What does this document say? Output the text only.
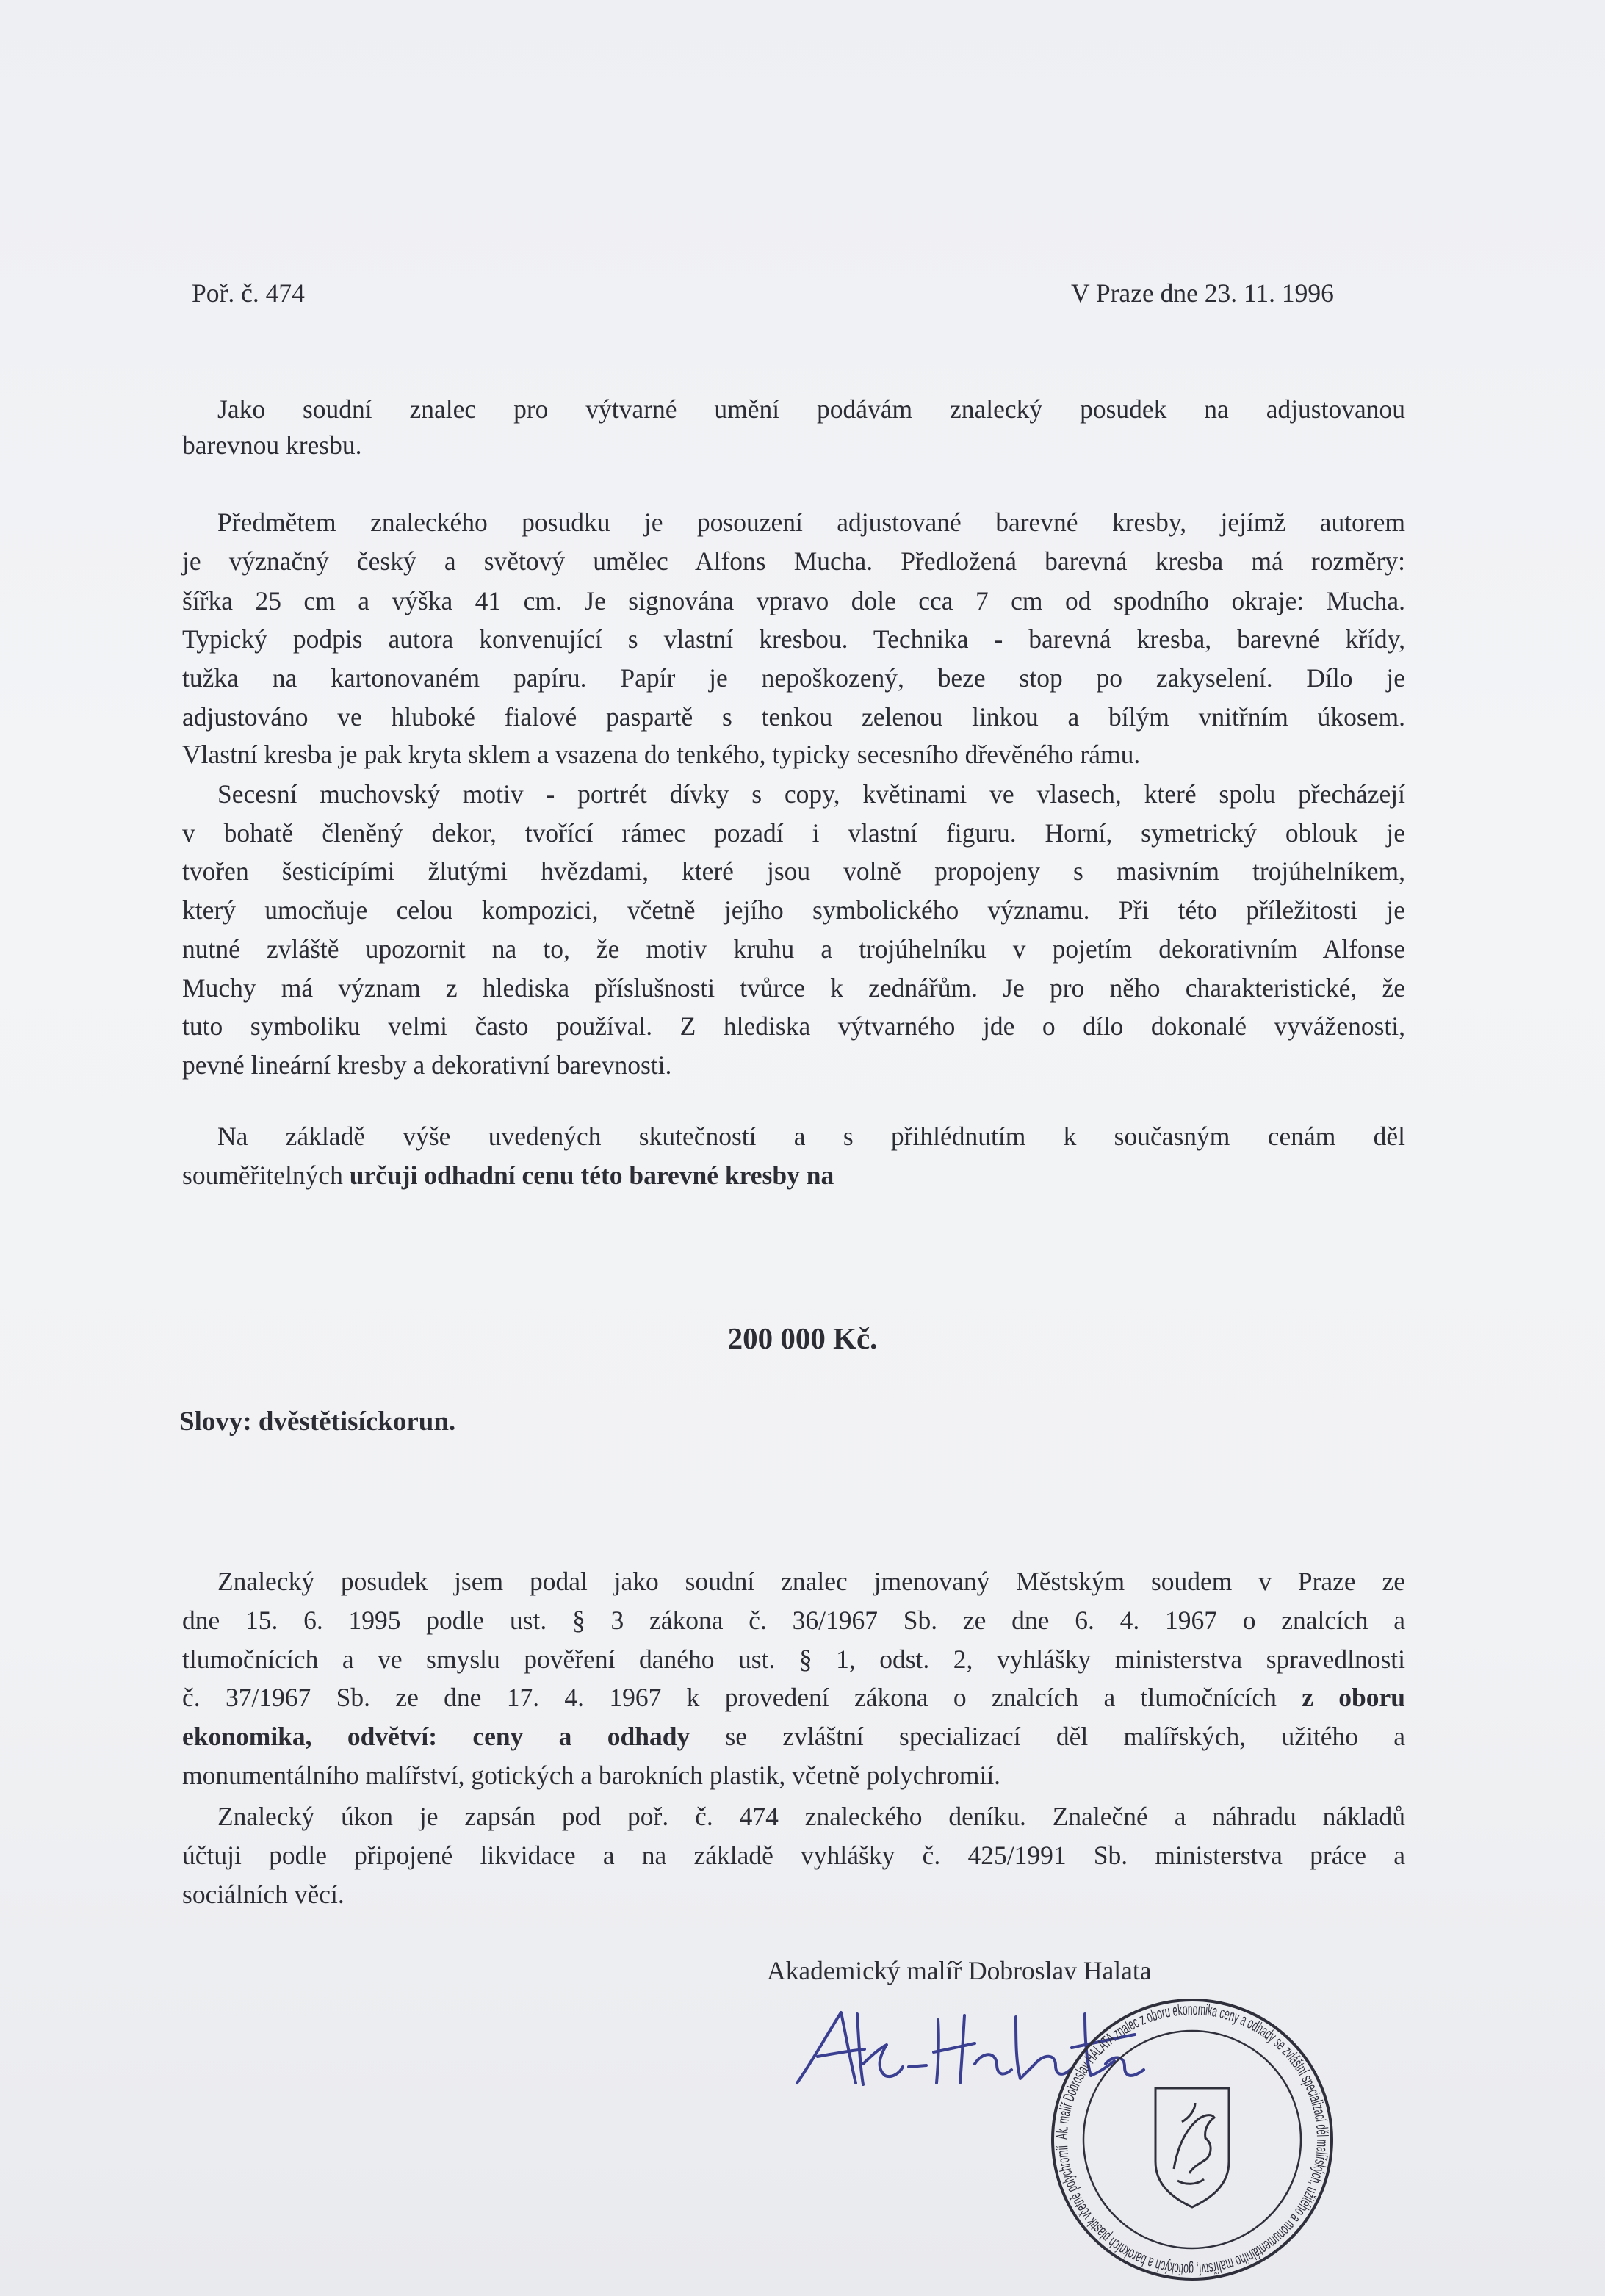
Poř. č. 474	V Praze dne 23. 11. 1996
Jako soudní znalec pro výtvarné umění podávám znalecký posudek na adjustovanou
barevnou kresbu.
Předmětem znaleckého posudku je posouzení adjustované barevné kresby, jejímž autorem
je význačný český a světový umělec Alfons Mucha. Předložená barevná kresba má rozměry:
šířka 25 cm a výška 41 cm. Je signována vpravo dole cca 7 cm od spodního okraje: Mucha.
Typický podpis autora konvenující s vlastní kresbou. Technika - barevná kresba, barevné křídy,
tužka na kartonovaném papíru. Papír je nepoškozený, beze stop po zakyselení. Dílo je
adjustováno ve hluboké fialové paspartě s tenkou zelenou linkou a bílým vnitřním úkosem.
Vlastní kresba je pak kryta sklem a vsazena do tenkého, typicky secesního dřevěného rámu.
Secesní muchovský motiv - portrét dívky s copy, květinami ve vlasech, které spolu přecházejí
v bohatě členěný dekor, tvořící rámec pozadí i vlastní figuru. Horní, symetrický oblouk je
tvořen šesticípími žlutými hvězdami, které jsou volně propojeny s masivním trojúhelníkem,
který umocňuje celou kompozici, včetně jejího symbolického významu. Při této příležitosti je
nutné zvláště upozornit na to, že motiv kruhu a trojúhelníku v pojetím dekorativním Alfonse
Muchy má význam z hlediska příslušnosti tvůrce k zednářům. Je pro něho charakteristické, že
tuto symboliku velmi často používal. Z hlediska výtvarného jde o dílo dokonalé vyváženosti,
pevné lineární kresby a dekorativní barevnosti.
Na základě výše uvedených skutečností a s přihlédnutím k současným cenám děl
souměřitelných určuji odhadní cenu této barevné kresby na
200 000 Kč.
Slovy: dvěstětisíckorun.
Znalecký posudek jsem podal jako soudní znalec jmenovaný Městským soudem v Praze ze
dne 15. 6. 1995 podle ust. § 3 zákona č. 36/1967 Sb. ze dne 6. 4. 1967 o znalcích a
tlumočnících a ve smyslu pověření daného ust. § 1, odst. 2, vyhlášky ministerstva spravedlnosti
č. 37/1967 Sb. ze dne 17. 4. 1967 k provedení zákona o znalcích a tlumočnících z oboru
ekonomika, odvětví: ceny a odhady se zvláštní specializací děl malířských, užitého a
monumentálního malířství, gotických a barokních plastik, včetně polychromií.
Znalecký úkon je zapsán pod poř. č. 474 znaleckého deníku. Znalečné a náhradu nákladů
účtuji podle připojené likvidace a na základě vyhlášky č. 425/1991 Sb. ministerstva práce a
sociálních věcí.
Akademický malíř Dobroslav Halata
Ak. malíř Dobroslav HALATA znalec z oboru ekonomika ceny a odhady se zvláštní specializací děl malířských, užitého a monumentálního malířství, gotických a barokních plastik včetně polychromií
